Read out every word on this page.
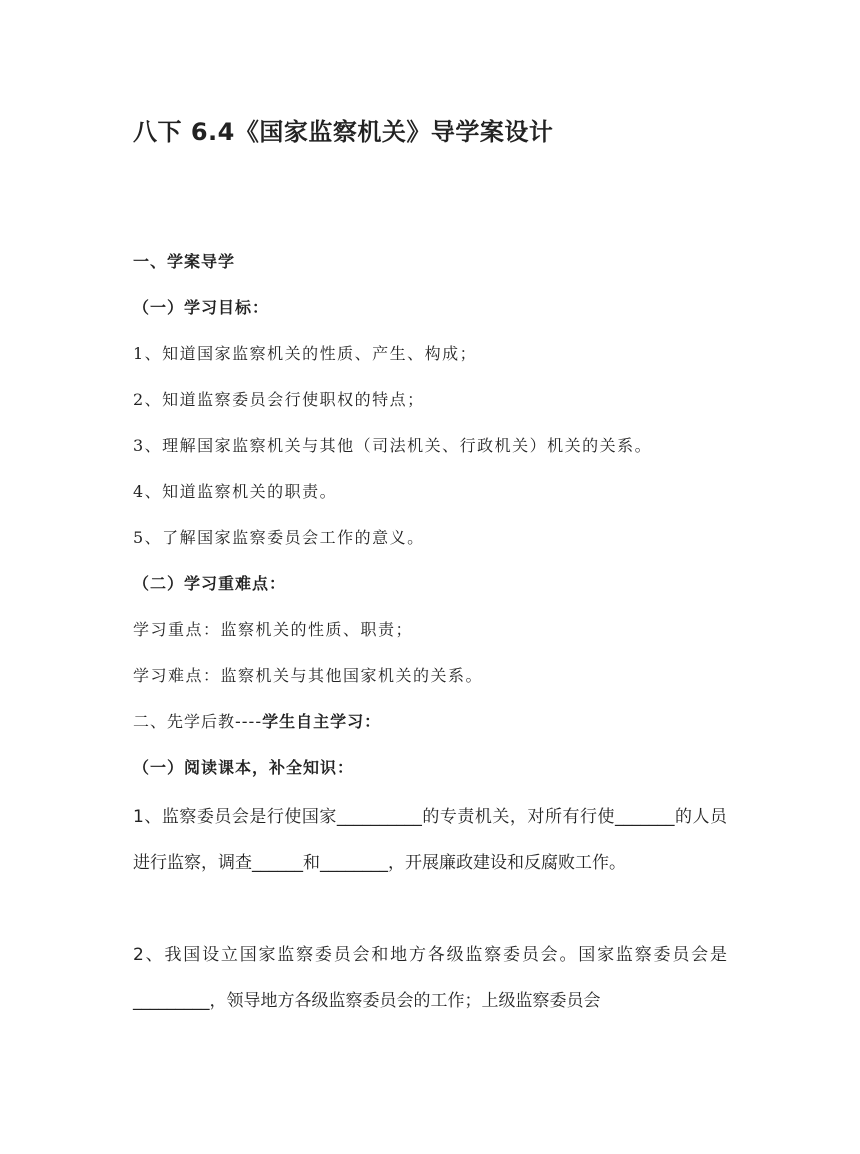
八下 6.4《国家监察机关》导学案设计
一、学案导学
（一）学习目标：
1、知道国家监察机关的性质、产生、构成；
2、知道监察委员会行使职权的特点；
3、理解国家监察机关与其他（司法机关、行政机关）机关的关系。
4、知道监察机关的职责。
5、了解国家监察委员会工作的意义。
（二）学习重难点：
学习重点：监察机关的性质、职责；
学习难点：监察机关与其他国家机关的关系。
二、先学后教----学生自主学习：
（一）阅读课本，补全知识：

1、监察委员会是行使国家__________的专责机关，对所有行使_______的人员进行监察，调查______和________，开展廉政建设和反腐败工作。

2、我国设立国家监察委员会和地方各级监察委员会。国家监察委员会是_________，领导地方各级监察委员会的工作；上级监察委员会
